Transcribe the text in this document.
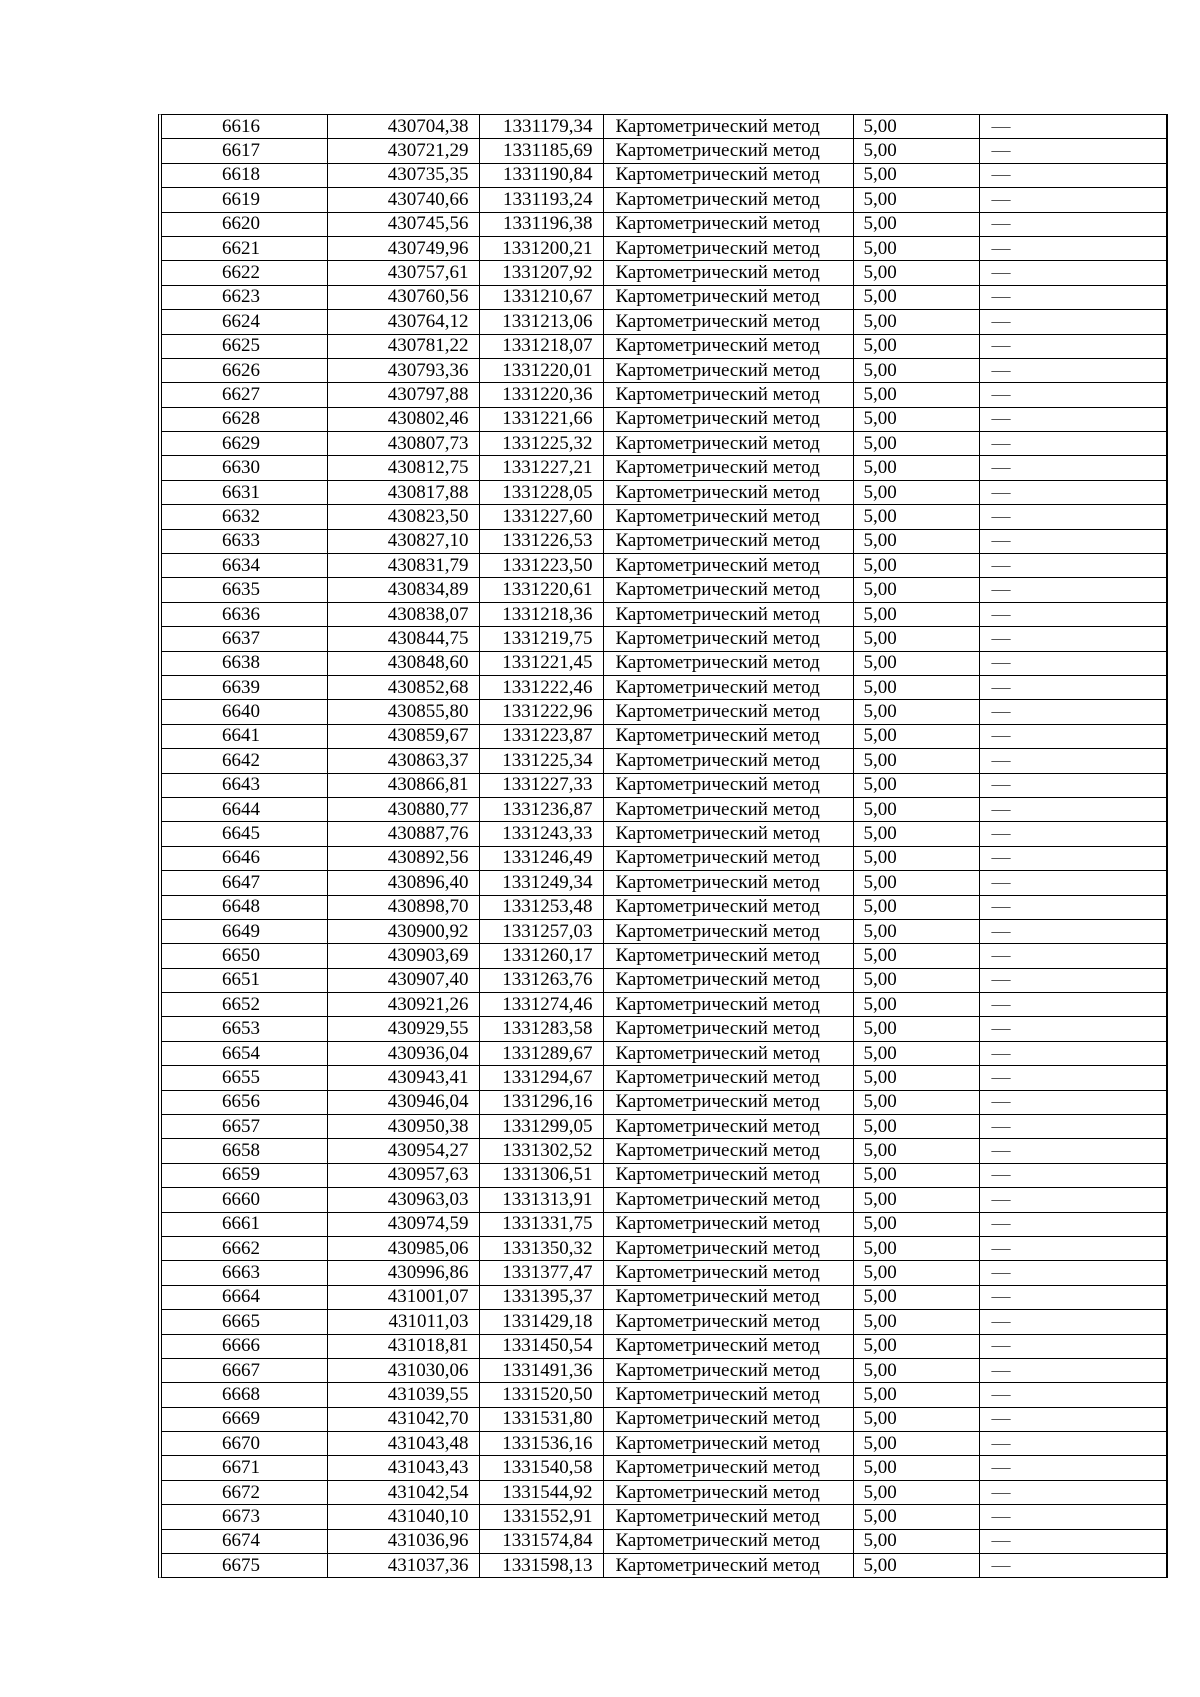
6616	430704,38	1331179,34	Картометрический метод	5,00	—
6617	430721,29	1331185,69	Картометрический метод	5,00	—
6618	430735,35	1331190,84	Картометрический метод	5,00	—
6619	430740,66	1331193,24	Картометрический метод	5,00	—
6620	430745,56	1331196,38	Картометрический метод	5,00	—
6621	430749,96	1331200,21	Картометрический метод	5,00	—
6622	430757,61	1331207,92	Картометрический метод	5,00	—
6623	430760,56	1331210,67	Картометрический метод	5,00	—
6624	430764,12	1331213,06	Картометрический метод	5,00	—
6625	430781,22	1331218,07	Картометрический метод	5,00	—
6626	430793,36	1331220,01	Картометрический метод	5,00	—
6627	430797,88	1331220,36	Картометрический метод	5,00	—
6628	430802,46	1331221,66	Картометрический метод	5,00	—
6629	430807,73	1331225,32	Картометрический метод	5,00	—
6630	430812,75	1331227,21	Картометрический метод	5,00	—
6631	430817,88	1331228,05	Картометрический метод	5,00	—
6632	430823,50	1331227,60	Картометрический метод	5,00	—
6633	430827,10	1331226,53	Картометрический метод	5,00	—
6634	430831,79	1331223,50	Картометрический метод	5,00	—
6635	430834,89	1331220,61	Картометрический метод	5,00	—
6636	430838,07	1331218,36	Картометрический метод	5,00	—
6637	430844,75	1331219,75	Картометрический метод	5,00	—
6638	430848,60	1331221,45	Картометрический метод	5,00	—
6639	430852,68	1331222,46	Картометрический метод	5,00	—
6640	430855,80	1331222,96	Картометрический метод	5,00	—
6641	430859,67	1331223,87	Картометрический метод	5,00	—
6642	430863,37	1331225,34	Картометрический метод	5,00	—
6643	430866,81	1331227,33	Картометрический метод	5,00	—
6644	430880,77	1331236,87	Картометрический метод	5,00	—
6645	430887,76	1331243,33	Картометрический метод	5,00	—
6646	430892,56	1331246,49	Картометрический метод	5,00	—
6647	430896,40	1331249,34	Картометрический метод	5,00	—
6648	430898,70	1331253,48	Картометрический метод	5,00	—
6649	430900,92	1331257,03	Картометрический метод	5,00	—
6650	430903,69	1331260,17	Картометрический метод	5,00	—
6651	430907,40	1331263,76	Картометрический метод	5,00	—
6652	430921,26	1331274,46	Картометрический метод	5,00	—
6653	430929,55	1331283,58	Картометрический метод	5,00	—
6654	430936,04	1331289,67	Картометрический метод	5,00	—
6655	430943,41	1331294,67	Картометрический метод	5,00	—
6656	430946,04	1331296,16	Картометрический метод	5,00	—
6657	430950,38	1331299,05	Картометрический метод	5,00	—
6658	430954,27	1331302,52	Картометрический метод	5,00	—
6659	430957,63	1331306,51	Картометрический метод	5,00	—
6660	430963,03	1331313,91	Картометрический метод	5,00	—
6661	430974,59	1331331,75	Картометрический метод	5,00	—
6662	430985,06	1331350,32	Картометрический метод	5,00	—
6663	430996,86	1331377,47	Картометрический метод	5,00	—
6664	431001,07	1331395,37	Картометрический метод	5,00	—
6665	431011,03	1331429,18	Картометрический метод	5,00	—
6666	431018,81	1331450,54	Картометрический метод	5,00	—
6667	431030,06	1331491,36	Картометрический метод	5,00	—
6668	431039,55	1331520,50	Картометрический метод	5,00	—
6669	431042,70	1331531,80	Картометрический метод	5,00	—
6670	431043,48	1331536,16	Картометрический метод	5,00	—
6671	431043,43	1331540,58	Картометрический метод	5,00	—
6672	431042,54	1331544,92	Картометрический метод	5,00	—
6673	431040,10	1331552,91	Картометрический метод	5,00	—
6674	431036,96	1331574,84	Картометрический метод	5,00	—
6675	431037,36	1331598,13	Картометрический метод	5,00	—
